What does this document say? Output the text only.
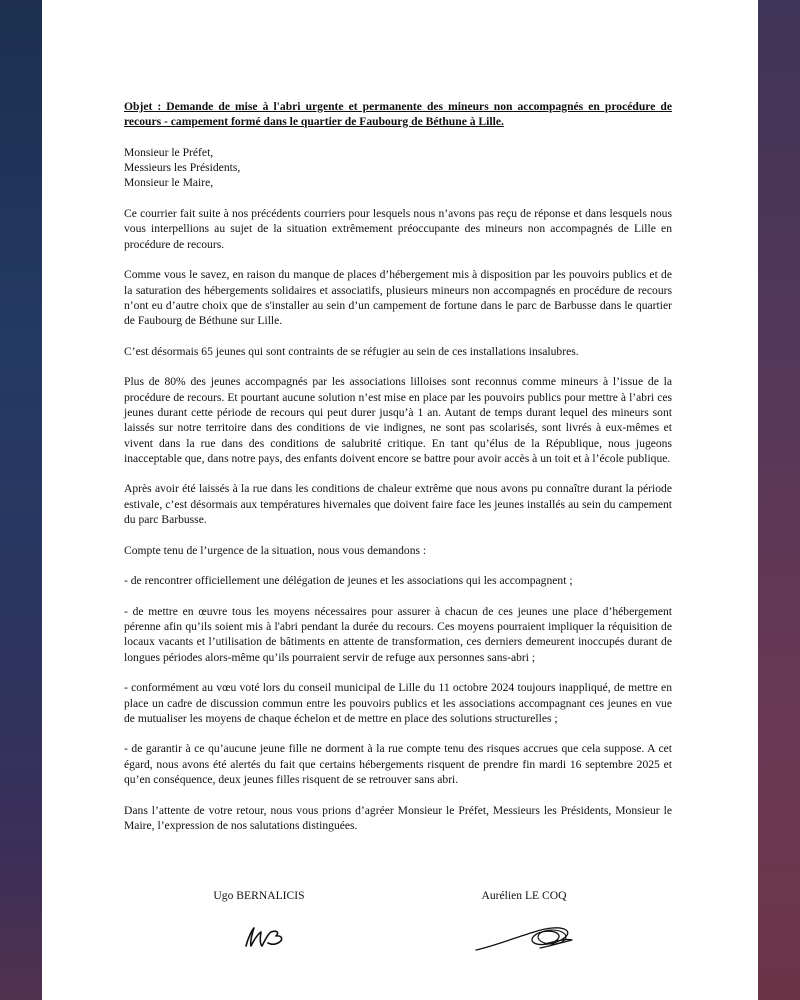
Objet : Demande de mise à l'abri urgente et permanente des mineurs non accompagnés en procédure de recours - campement formé dans le quartier de Faubourg de Béthune à Lille.

Monsieur le Préfet,

Messieurs les Présidents,

Monsieur le Maire,

Ce courrier fait suite à nos précédents courriers pour lesquels nous n’avons pas reçu de réponse et dans lesquels nous vous interpellions au sujet de la situation extrêmement préoccupante des mineurs non accompagnés de Lille en procédure de recours.

Comme vous le savez, en raison du manque de places d’hébergement mis à disposition par les pouvoirs publics et de la saturation des hébergements solidaires et associatifs, plusieurs mineurs non accompagnés en procédure de recours n’ont eu d’autre choix que de s'installer au sein d’un campement de fortune dans le parc de Barbusse dans le quartier de Faubourg de Béthune sur Lille.

C’est désormais 65 jeunes qui sont contraints de se réfugier au sein de ces installations insalubres.

Plus de 80% des jeunes accompagnés par les associations lilloises sont reconnus comme mineurs à l’issue de la procédure de recours. Et pourtant aucune solution n’est mise en place par les pouvoirs publics pour mettre à l’abri ces jeunes durant cette période de recours qui peut durer jusqu’à 1 an. Autant de temps durant lequel des mineurs sont laissés sur notre territoire dans des conditions de vie indignes, ne sont pas scolarisés, sont livrés à eux-mêmes et vivent dans la rue dans des conditions de salubrité critique. En tant qu’élus de la République, nous jugeons inacceptable que, dans notre pays, des enfants doivent encore se battre pour avoir accès à un toit et à l’école publique.

Après avoir été laissés à la rue dans les conditions de chaleur extrême que nous avons pu connaître durant la période estivale, c’est désormais aux températures hivernales que doivent faire face les jeunes installés au sein du campement du parc Barbusse.

Compte tenu de l’urgence de la situation, nous vous demandons :

- de rencontrer officiellement une délégation de jeunes et les associations qui les accompagnent ;

- de mettre en œuvre tous les moyens nécessaires pour assurer à chacun de ces jeunes une place d’hébergement pérenne afin qu’ils soient mis à l'abri pendant la durée du recours. Ces moyens pourraient impliquer la réquisition de locaux vacants et l’utilisation de bâtiments en attente de transformation, ces derniers demeurent inoccupés durant de longues périodes alors-même qu’ils pourraient servir de refuge aux personnes sans-abri ;

- conformément au vœu voté lors du conseil municipal de Lille du 11 octobre 2024 toujours inappliqué, de mettre en place un cadre de discussion commun entre les pouvoirs publics et les associations accompagnant ces jeunes en vue de mutualiser les moyens de chaque échelon et de mettre en place des solutions structurelles ;

- de garantir à ce qu’aucune jeune fille ne dorment à la rue compte tenu des risques accrues que cela suppose. A cet égard, nous avons été alertés du fait que certains hébergements risquent de prendre fin mardi 16 septembre 2025 et qu’en conséquence, deux jeunes filles risquent de se retrouver sans abri.

Dans l’attente de votre retour, nous vous prions d’agréer Monsieur le Préfet, Messieurs les Présidents, Monsieur le Maire, l’expression de nos salutations distinguées.

Ugo BERNALICIS	Aurélien LE COQ
